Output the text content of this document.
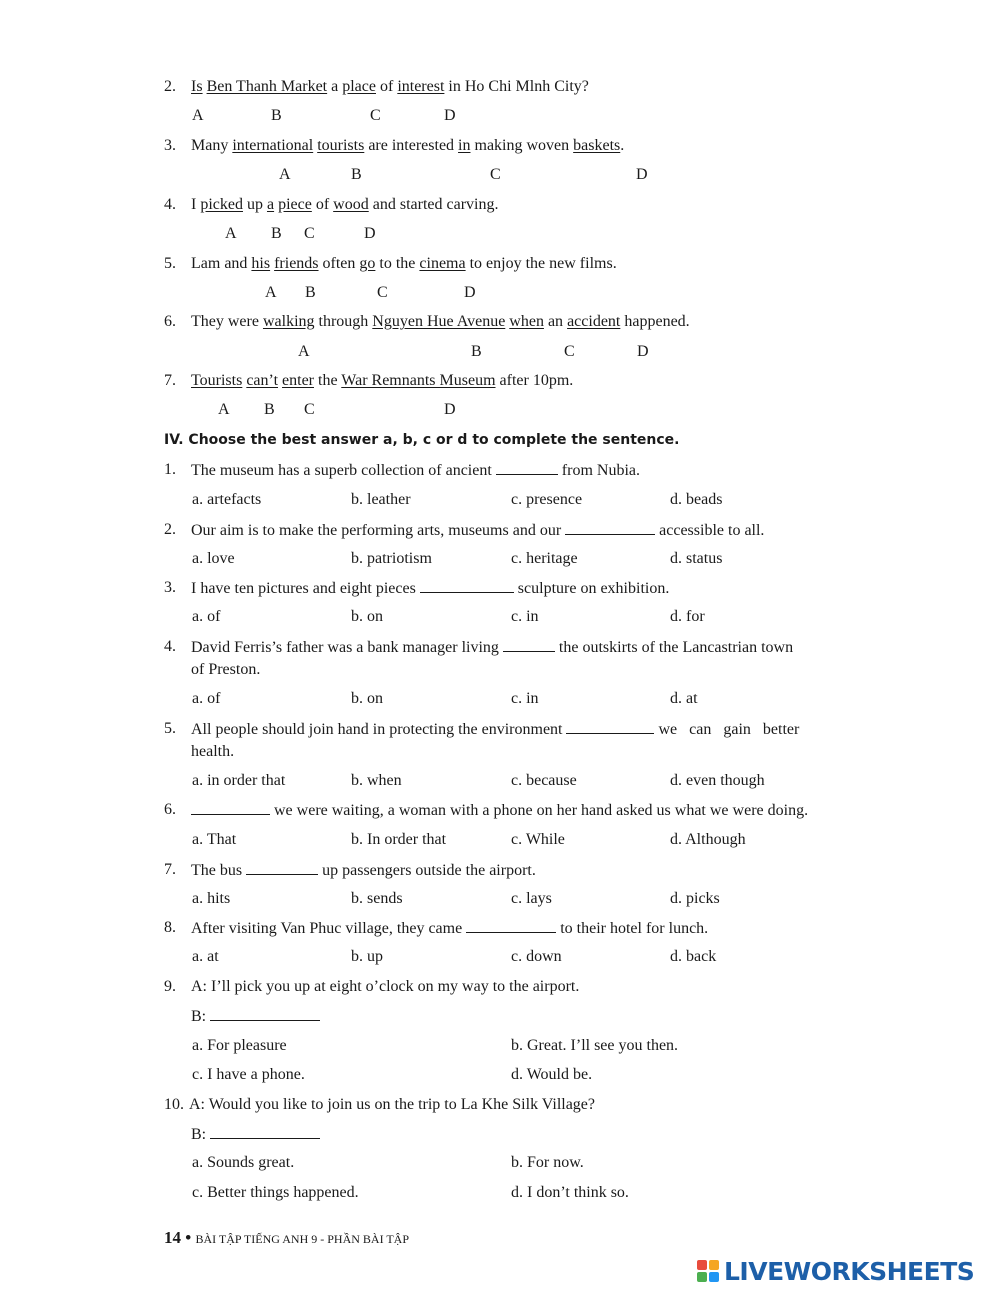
2. Is Ben Thanh Market a place of interest in Ho Chi Mlnh City?
A	B	C	D
3. Many international tourists are interested in making woven baskets.
A	B	C	D
4. I picked up a piece of wood and started carving.
A B C	D
5. Lam and his friends often go to the cinema to enjoy the new films.
A B	C	D
6. They were walking through Nguyen Hue Avenue when an accident happened.
A	B	C	D
7. Tourists can’t enter the War Remnants Museum after 10pm.
A B C	D
IV. Choose the best answer a, b, c or d to complete the sentence.
1. The museum has a superb collection of ancient	from Nubia.
a. artefacts	b. leather	c. presence	d. beads
2. Our aim is to make the performing arts, museums and our	accessible to all.
a. love	b. patriotism	c. heritage	d. status
3. I have ten pictures and eight pieces	sculpture on exhibition.
a. of	b. on	c. in	d. for
4. David Ferris’s father was a bank manager living	the outskirts of the Lancastrian town
of Preston.
a. of	b. on	c. in	d. at
5. All people should join hand in protecting the environment	we   can   gain   better
health.
a. in order that	b. when	c. because	d. even though
6.	we were waiting, a woman with a phone on her hand asked us what we were doing.
a. That	b. In order that	c. While	d. Although
7. The bus	up passengers outside the airport.
a. hits	b. sends	c. lays	d. picks
8. After visiting Van Phuc village, they came	to their hotel for lunch.
a. at	b. up	c. down	d. back
9. A: I’ll pick you up at eight o’clock on my way to the airport.
B:
a. For pleasure	b. Great. I’ll see you then.
c. I have a phone.	d. Would be.
10. A: Would you like to join us on the trip to La Khe Silk Village?
B:
a. Sounds great.	b. For now.
c. Better things happened.	d. I don’t think so.
14 • BÀI TẬP TIẾNG ANH 9 - PHẦN BÀI TẬP
LIVEWORKSHEETS
